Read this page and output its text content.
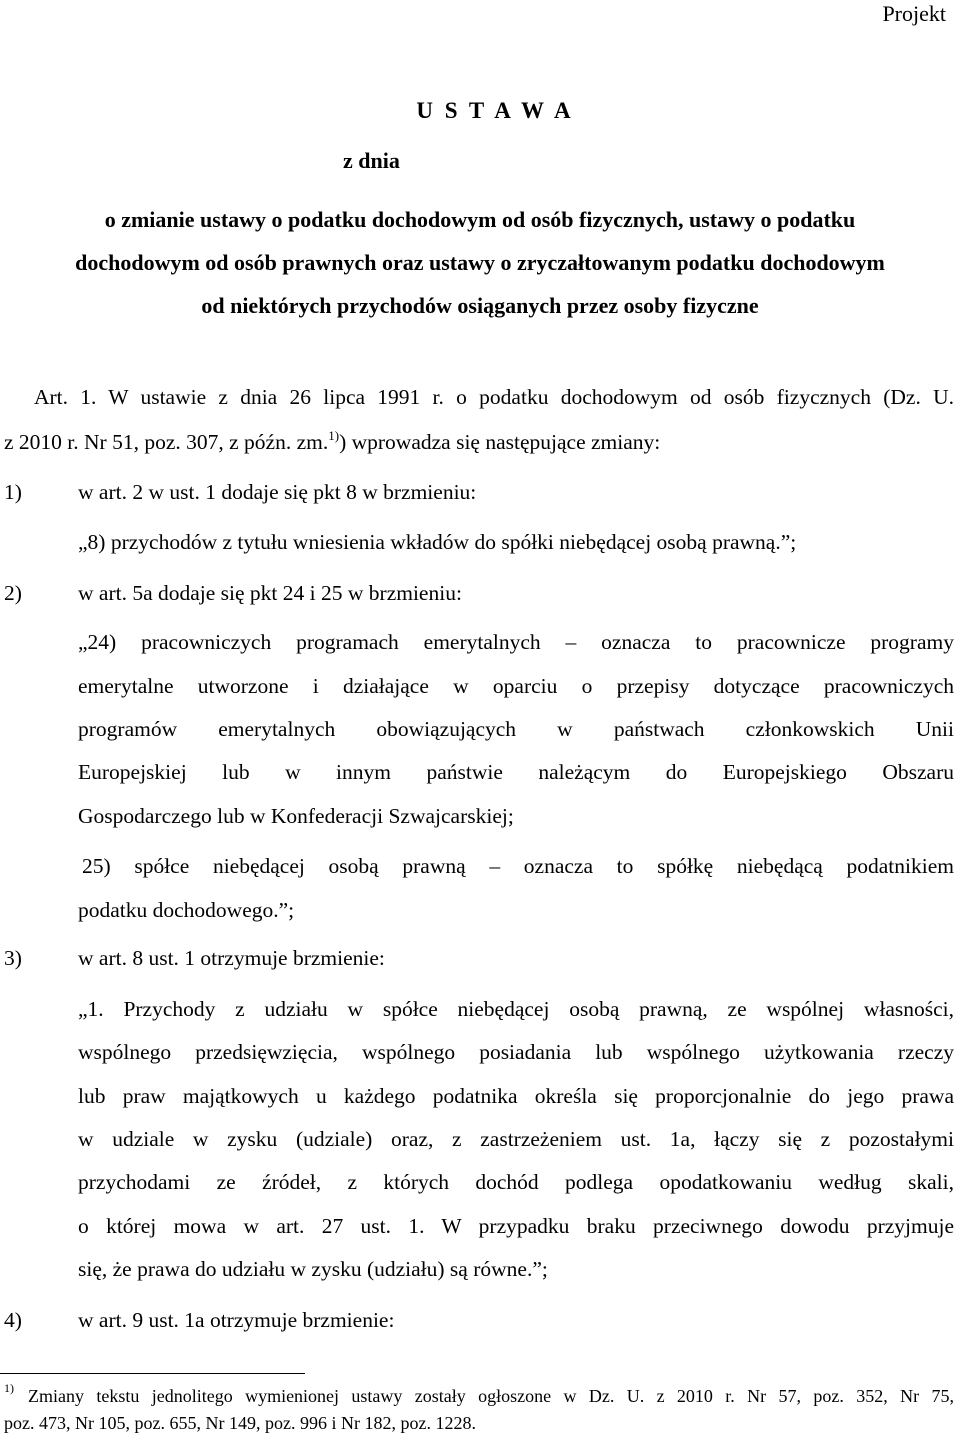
Projekt
U S T A W A
z dnia
o zmianie ustawy o podatku dochodowym od osób fizycznych, ustawy o podatku
dochodowym od osób prawnych oraz ustawy o zryczałtowanym podatku dochodowym
od niektórych przychodów osiąganych przez osoby fizyczne
Art. 1. W ustawie z dnia 26 lipca 1991 r. o podatku dochodowym od osób fizycznych (Dz. U.
z 2010 r. Nr 51, poz. 307, z późn. zm.$^{1)}$) wprowadza się następujące zmiany:
1)	w art. 2 w ust. 1 dodaje się pkt 8 w brzmieniu:
„8) przychodów z tytułu wniesienia wkładów do spółki niebędącej osobą prawną.”;
2)	w art. 5a dodaje się pkt 24 i 25 w brzmieniu:
„24) pracowniczych programach emerytalnych – oznacza to pracownicze programy
emerytalne utworzone i działające w oparciu o przepisy dotyczące pracowniczych
programów emerytalnych obowiązujących w państwach członkowskich Unii
Europejskiej lub w innym państwie należącym do Europejskiego Obszaru
Gospodarczego lub w Konfederacji Szwajcarskiej;
25) spółce niebędącej osobą prawną – oznacza to spółkę niebędącą podatnikiem
podatku dochodowego.”;
3)	w art. 8 ust. 1 otrzymuje brzmienie:
„1. Przychody z udziału w spółce niebędącej osobą prawną, ze wspólnej własności,
wspólnego przedsięwzięcia, wspólnego posiadania lub wspólnego użytkowania rzeczy
lub praw majątkowych u każdego podatnika określa się proporcjonalnie do jego prawa
w udziale w zysku (udziale) oraz, z zastrzeżeniem ust. 1a, łączy się z pozostałymi
przychodami ze źródeł, z których dochód podlega opodatkowaniu według skali,
o której mowa w art. 27 ust. 1. W przypadku braku przeciwnego dowodu przyjmuje
się, że prawa do udziału w zysku (udziału) są równe.”;
4)	w art. 9 ust. 1a otrzymuje brzmienie:
1) Zmiany tekstu jednolitego wymienionej ustawy zostały ogłoszone w Dz. U. z 2010 r. Nr 57, poz. 352, Nr 75,
poz. 473, Nr 105, poz. 655, Nr 149, poz. 996 i Nr 182, poz. 1228.
